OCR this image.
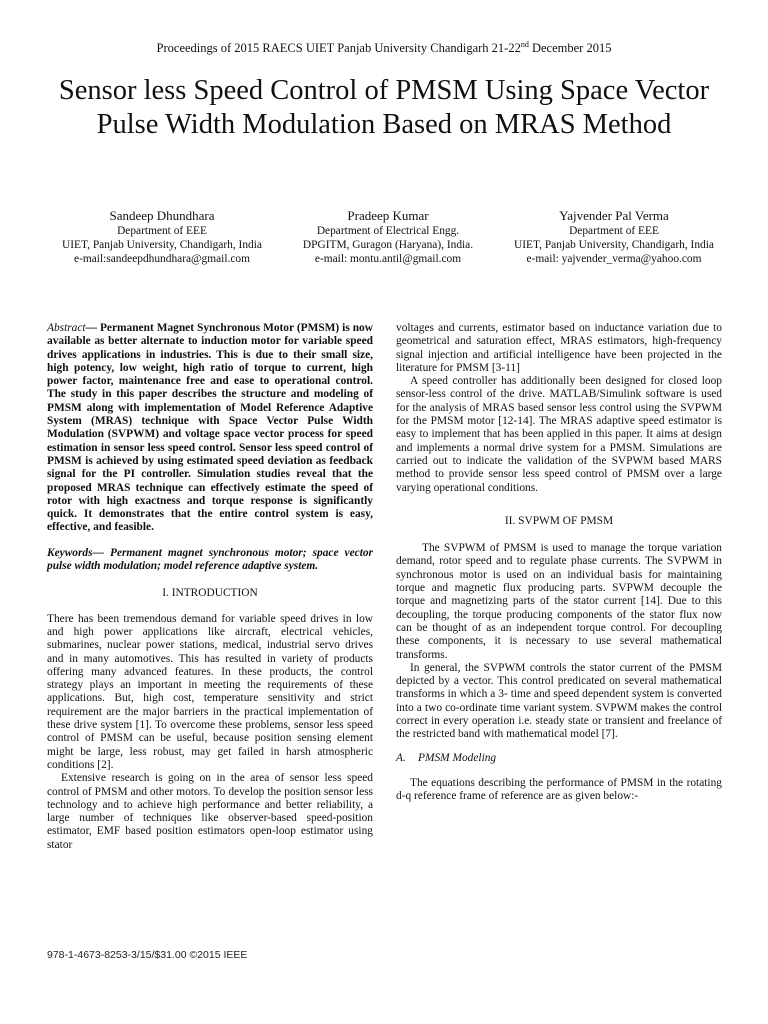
Proceedings of 2015 RAECS UIET Panjab University Chandigarh 21-22nd December 2015
Sensor less Speed Control of PMSM Using Space Vector Pulse Width Modulation Based on MRAS Method
Sandeep Dhundhara
Department of EEE
UIET, Panjab University, Chandigarh, India
e-mail:sandeepdhundhara@gmail.com
Pradeep Kumar
Department of Electrical Engg.
DPGITM, Guragon (Haryana), India.
e-mail: montu.antil@gmail.com
Yajvender Pal Verma
Department of EEE
UIET, Panjab University, Chandigarh, India
e-mail: yajvender_verma@yahoo.com

Abstract— Permanent Magnet Synchronous Motor (PMSM) is now available as better alternate to induction motor for variable speed drives applications in industries. This is due to their small size, high potency, low weight, high ratio of torque to current, high power factor, maintenance free and ease to operational control. The study in this paper describes the structure and modeling of PMSM along with implementation of Model Reference Adaptive System (MRAS) technique with Space Vector Pulse Width Modulation (SVPWM) and voltage space vector process for speed estimation in sensor less speed control. Sensor less speed control of PMSM is achieved by using estimated speed deviation as feedback signal for the PI controller. Simulation studies reveal that the proposed MRAS technique can effectively estimate the speed of rotor with high exactness and torque response is significantly quick. It demonstrates that the entire control system is easy, effective, and feasible.

Keywords— Permanent magnet synchronous motor; space vector pulse width modulation; model reference adaptive system.

I. INTRODUCTION

There has been tremendous demand for variable speed drives in low and high power applications like aircraft, electrical vehicles, submarines, nuclear power stations, medical, industrial servo drives and in many automotives. This has resulted in variety of products offering many advanced features. In these products, the control strategy plays an important in meeting the requirements of these applications. But, high cost, temperature sensitivity and strict requirement are the major barriers in the practical implementation of these drive system [1]. To overcome these problems, sensor less speed control of PMSM can be useful, because position sensing element might be large, less robust, may get failed in harsh atmospheric conditions [2].

Extensive research is going on in the area of sensor less speed control of PMSM and other motors. To develop the position sensor less technology and to achieve high performance and better reliability, a large number of techniques like observer-based speed-position estimator, EMF based position estimators open-loop estimator using stator

voltages and currents, estimator based on inductance variation due to geometrical and saturation effect, MRAS estimators, high-frequency signal injection and artificial intelligence have been projected in the literature for PMSM [3-11]

A speed controller has additionally been designed for closed loop sensor-less control of the drive. MATLAB/Simulink software is used for the analysis of MRAS based sensor less control using the SVPWM for the PMSM motor [12-14]. The MRAS adaptive speed estimator is easy to implement that has been applied in this paper. It aims at design and implements a normal drive system for a PMSM. Simulations are carried out to indicate the validation of the SVPWM based MARS method to provide sensor less speed control of PMSM over a large varying operational conditions.

II. SVPWM OF PMSM

The SVPWM of PMSM is used to manage the torque variation demand, rotor speed and to regulate phase currents. The SVPWM in synchronous motor is used on an individual basis for maintaining torque and magnetic flux producing parts. SVPWM decouple the torque and magnetizing parts of the stator current [14]. Due to this decoupling, the torque producing components of the stator flux now can be thought of as an independent torque control. For decoupling these components, it is necessary to use several mathematical transforms.

In general, the SVPWM controls the stator current of the PMSM depicted by a vector. This control predicated on several mathematical transforms in which a 3- time and speed dependent system is converted into a two co-ordinate time variant system. SVPWM makes the control correct in every operation i.e. steady state or transient and freelance of the restricted band with mathematical model [7].

A. PMSM Modeling

The equations describing the performance of PMSM in the rotating d-q reference frame of reference are as given below:-

978-1-4673-8253-3/15/$31.00 ©2015 IEEE
